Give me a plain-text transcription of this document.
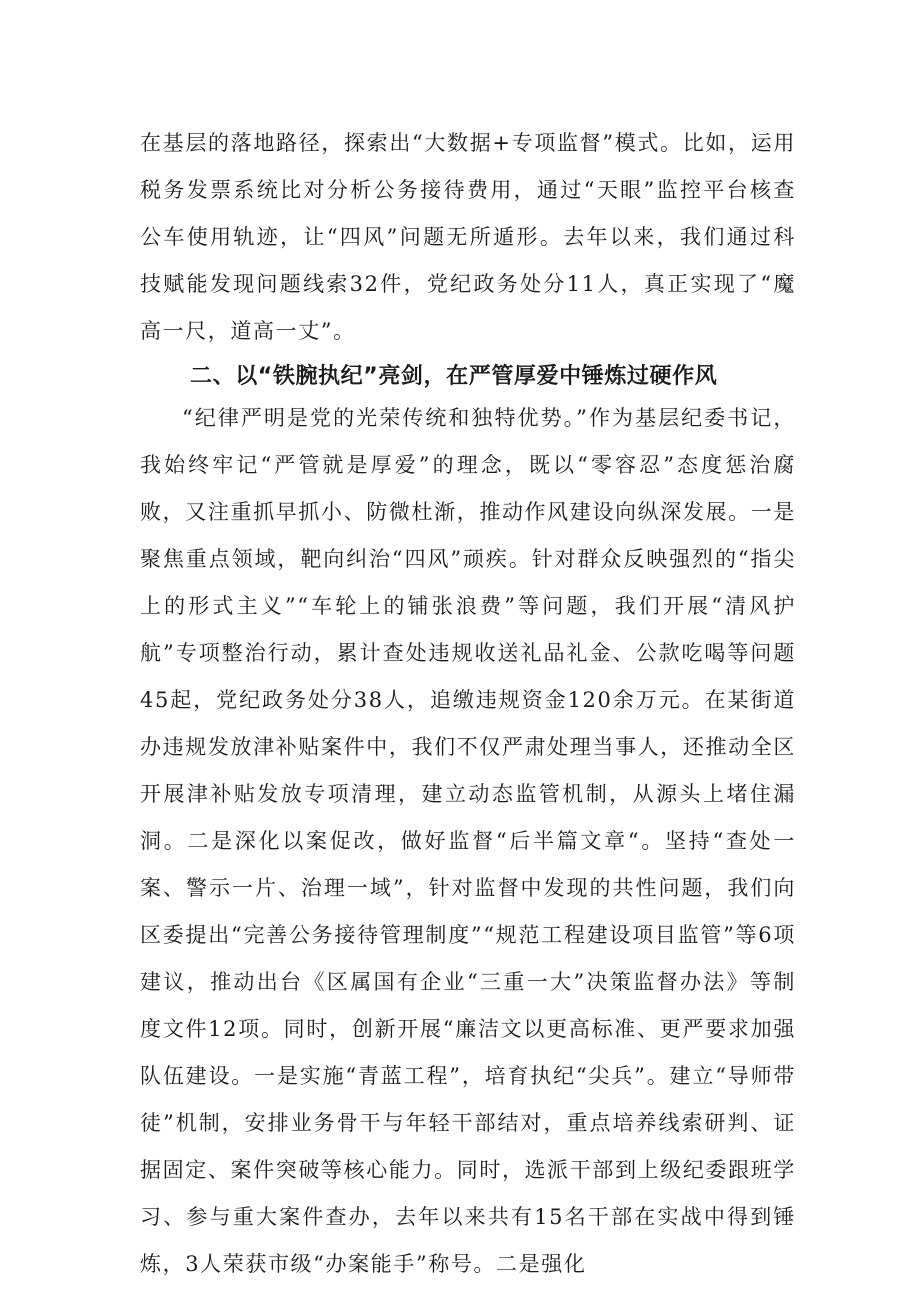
在基层的落地路径，探索出“大数据+专项监督”模式。比如，运用税务发票系统比对分析公务接待费用，通过“天眼”监控平台核查公车使用轨迹，让“四风”问题无所遁形。去年以来，我们通过科技赋能发现问题线索32件，党纪政务处分11人，真正实现了“魔高一尺，道高一丈”。

二、以“铁腕执纪”亮剑，在严管厚爱中锤炼过硬作风

“纪律严明是党的光荣传统和独特优势。”作为基层纪委书记，我始终牢记“严管就是厚爱”的理念，既以“零容忍”态度惩治腐败，又注重抓早抓小、防微杜渐，推动作风建设向纵深发展。一是聚焦重点领域，靶向纠治“四风”顽疾。针对群众反映强烈的“指尖上的形式主义”“车轮上的铺张浪费”等问题，我们开展“清风护航”专项整治行动，累计查处违规收送礼品礼金、公款吃喝等问题45起，党纪政务处分38人，追缴违规资金120余万元。在某街道办违规发放津补贴案件中，我们不仅严肃处理当事人，还推动全区开展津补贴发放专项清理，建立动态监管机制，从源头上堵住漏洞。二是深化以案促改，做好监督“后半篇文章“。坚持“查处一案、警示一片、治理一域”，针对监督中发现的共性问题，我们向区委提出“完善公务接待管理制度”“规范工程建设项目监管”等6项建议，推动出台《区属国有企业“三重一大”决策监督办法》等制度文件12项。同时，创新开展“廉洁文以更高标准、更严要求加强队伍建设。一是实施“青蓝工程”，培育执纪“尖兵”。建立“导师带徒”机制，安排业务骨干与年轻干部结对，重点培养线索研判、证据固定、案件突破等核心能力。同时，选派干部到上级纪委跟班学习、参与重大案件查办，去年以来共有15名干部在实战中得到锤炼，3人荣获市级“办案能手”称号。二是强化
